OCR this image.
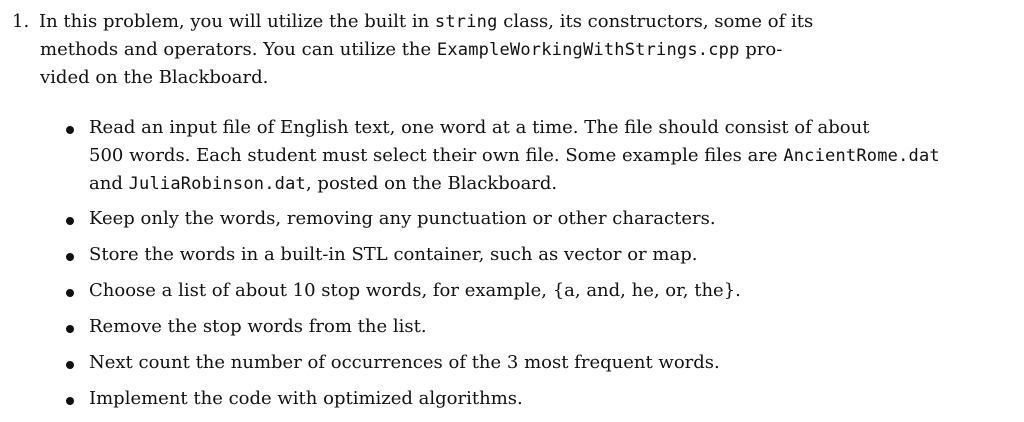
1. In this problem, you will utilize the built in string class, its constructors, some of its
methods and operators. You can utilize the ExampleWorkingWithStrings.cpp pro-
vided on the Blackboard.
Read an input file of English text, one word at a time. The file should consist of about
500 words. Each student must select their own file. Some example files are AncientRome.dat
and JuliaRobinson.dat, posted on the Blackboard.
Keep only the words, removing any punctuation or other characters.
Store the words in a built-in STL container, such as vector or map.
Choose a list of about 10 stop words, for example, {a, and, he, or, the}.
Remove the stop words from the list.
Next count the number of occurrences of the 3 most frequent words.
Implement the code with optimized algorithms.
